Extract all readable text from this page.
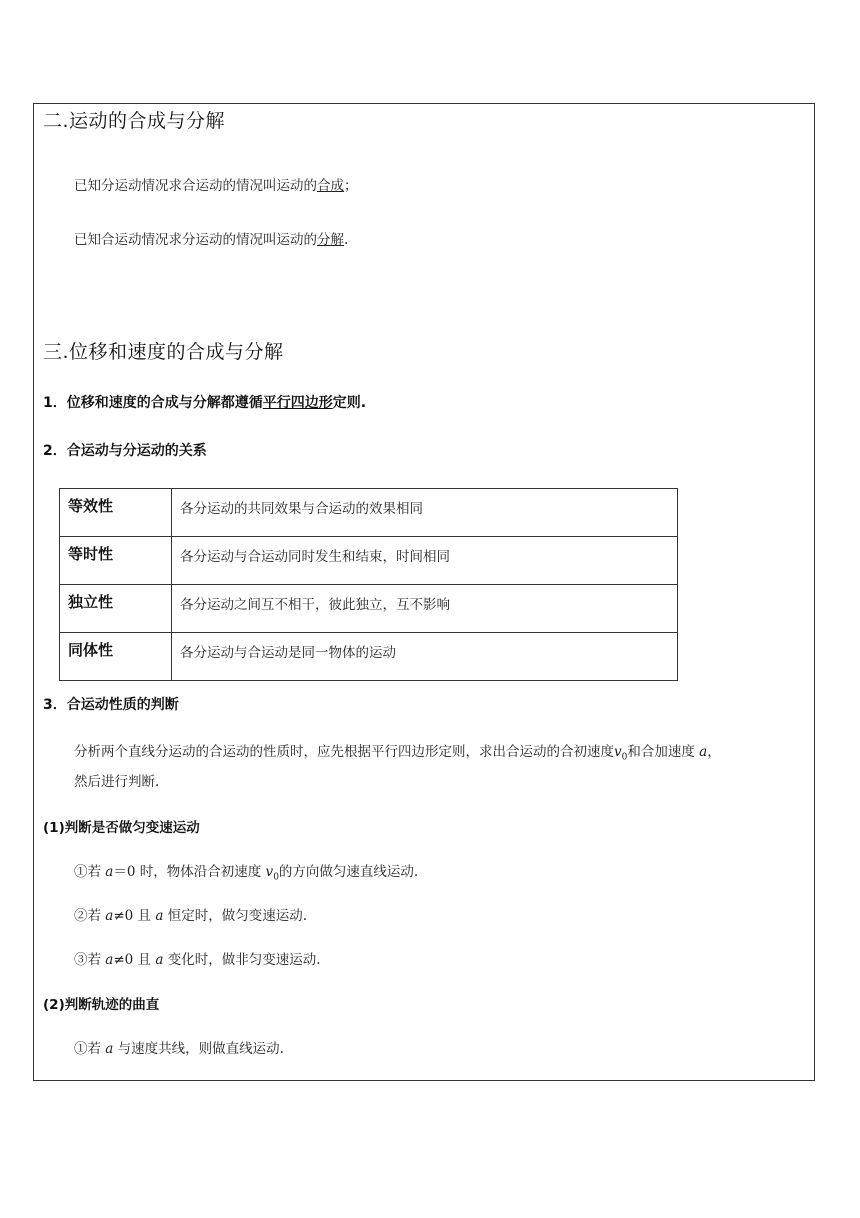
二.运动的合成与分解
已知分运动情况求合运动的情况叫运动的合成；
已知合运动情况求分运动的情况叫运动的分解.
三.位移和速度的合成与分解
1．位移和速度的合成与分解都遵循平行四边形定则.
2．合运动与分运动的关系
等效性	各分运动的共同效果与合运动的效果相同
等时性	各分运动与合运动同时发生和结束，时间相同
独立性	各分运动之间互不相干，彼此独立，互不影响
同体性	各分运动与合运动是同一物体的运动
3．合运动性质的判断
分析两个直线分运动的合运动的性质时，应先根据平行四边形定则，求出合运动的合初速度$v_0$和合加速度 a，
然后进行判断.
(1)判断是否做匀变速运动
①若 a＝0 时，物体沿合初速度 $v_0$的方向做匀速直线运动.
②若 a≠0 且 a 恒定时，做匀变速运动.
③若 a≠0 且 a 变化时，做非匀变速运动.
(2)判断轨迹的曲直
①若 a 与速度共线，则做直线运动.
